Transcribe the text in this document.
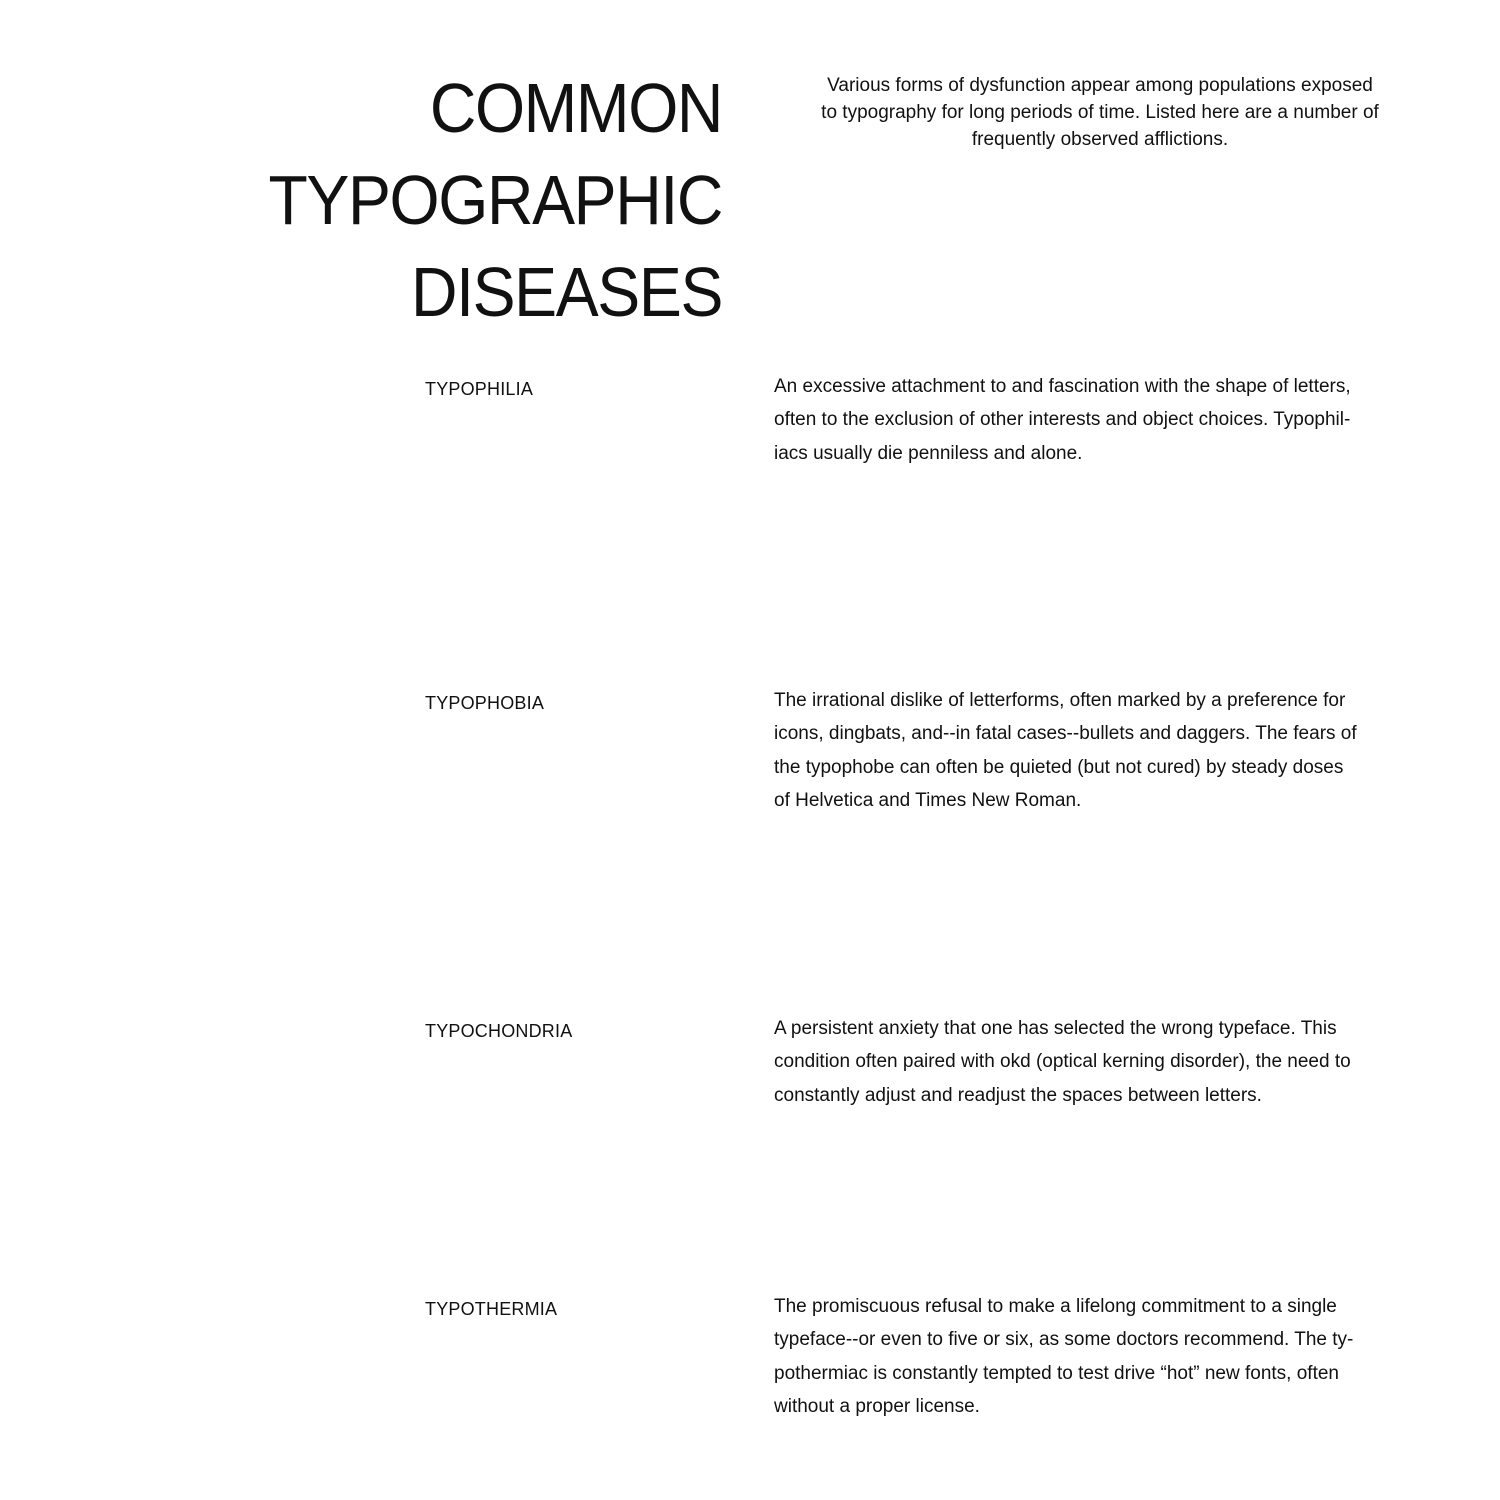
COMMON
TYPOGRAPHIC
DISEASES

Various forms of dysfunction appear among populations exposed
to typography for long periods of time. Listed here are a number of
frequently observed afflictions.

TYPOPHILIA	An excessive attachment to and fascination with the shape of letters,
often to the exclusion of other interests and object choices. Typophil-
iacs usually die penniless and alone.

TYPOPHOBIA	The irrational dislike of letterforms, often marked by a preference for
icons, dingbats, and--in fatal cases--bullets and daggers. The fears of
the typophobe can often be quieted (but not cured) by steady doses
of Helvetica and Times New Roman.

TYPOCHONDRIA	A persistent anxiety that one has selected the wrong typeface. This
condition often paired with okd (optical kerning disorder), the need to
constantly adjust and readjust the spaces between letters.

TYPOTHERMIA	The promiscuous refusal to make a lifelong commitment to a single
typeface--or even to five or six, as some doctors recommend. The ty-
pothermiac is constantly tempted to test drive “hot” new fonts, often
without a proper license.
